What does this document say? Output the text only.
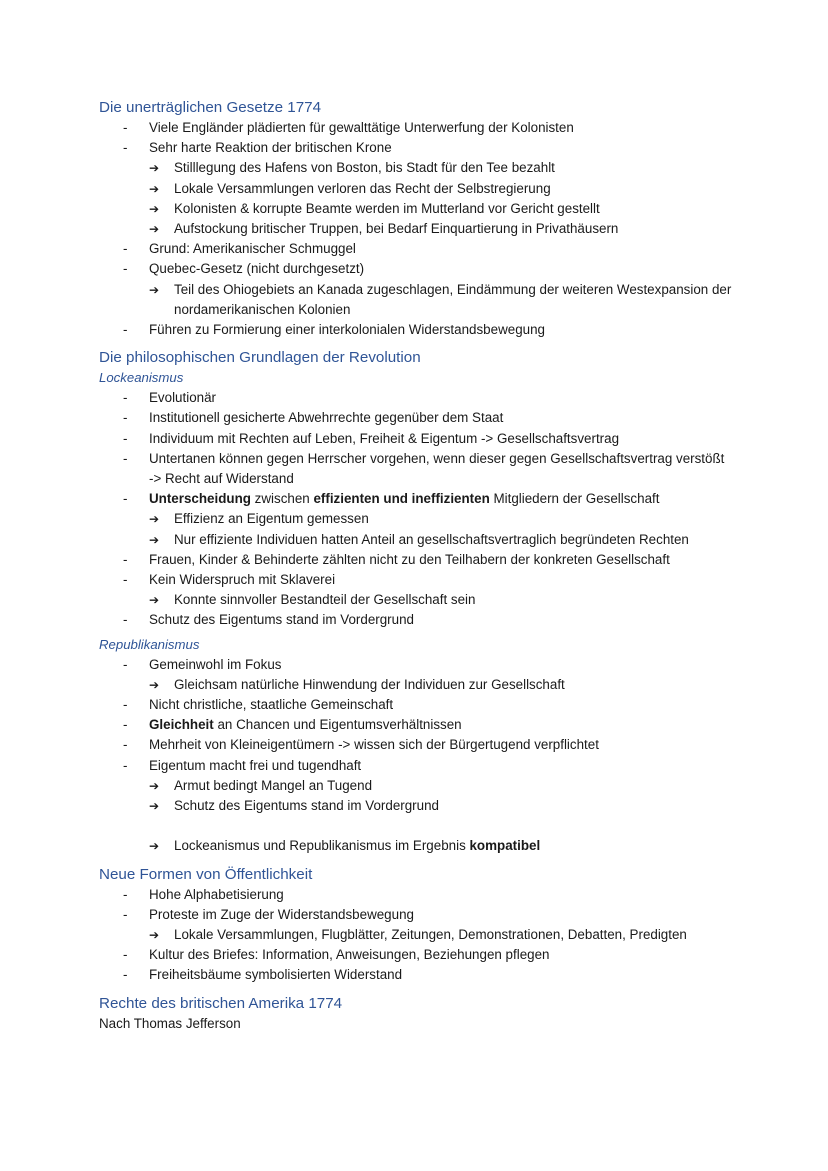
Die unerträglichen Gesetze 1774
- Viele Engländer plädierten für gewalttätige Unterwerfung der Kolonisten
- Sehr harte Reaktion der britischen Krone
➔ Stilllegung des Hafens von Boston, bis Stadt für den Tee bezahlt
➔ Lokale Versammlungen verloren das Recht der Selbstregierung
➔ Kolonisten & korrupte Beamte werden im Mutterland vor Gericht gestellt
➔ Aufstockung britischer Truppen, bei Bedarf Einquartierung in Privathäusern
- Grund: Amerikanischer Schmuggel
- Quebec-Gesetz (nicht durchgesetzt)
➔ Teil des Ohiogebiets an Kanada zugeschlagen, Eindämmung der weiteren Westexpansion der nordamerikanischen Kolonien
- Führen zu Formierung einer interkolonialen Widerstandsbewegung
Die philosophischen Grundlagen der Revolution
Lockeanismus
- Evolutionär
- Institutionell gesicherte Abwehrrechte gegenüber dem Staat
- Individuum mit Rechten auf Leben, Freiheit & Eigentum -> Gesellschaftsvertrag
- Untertanen können gegen Herrscher vorgehen, wenn dieser gegen Gesellschaftsvertrag verstößt -> Recht auf Widerstand
- Unterscheidung zwischen effizienten und ineffizienten Mitgliedern der Gesellschaft
➔ Effizienz an Eigentum gemessen
➔ Nur effiziente Individuen hatten Anteil an gesellschaftsvertraglich begründeten Rechten
- Frauen, Kinder & Behinderte zählten nicht zu den Teilhabern der konkreten Gesellschaft
- Kein Widerspruch mit Sklaverei
➔ Konnte sinnvoller Bestandteil der Gesellschaft sein
- Schutz des Eigentums stand im Vordergrund
Republikanismus
- Gemeinwohl im Fokus
➔ Gleichsam natürliche Hinwendung der Individuen zur Gesellschaft
- Nicht christliche, staatliche Gemeinschaft
- Gleichheit an Chancen und Eigentumsverhältnissen
- Mehrheit von Kleineigentümern -> wissen sich der Bürgertugend verpflichtet
- Eigentum macht frei und tugendhaft
➔ Armut bedingt Mangel an Tugend
➔ Schutz des Eigentums stand im Vordergrund
➔ Lockeanismus und Republikanismus im Ergebnis kompatibel
Neue Formen von Öffentlichkeit
- Hohe Alphabetisierung
- Proteste im Zuge der Widerstandsbewegung
➔ Lokale Versammlungen, Flugblätter, Zeitungen, Demonstrationen, Debatten, Predigten
- Kultur des Briefes: Information, Anweisungen, Beziehungen pflegen
- Freiheitsbäume symbolisierten Widerstand
Rechte des britischen Amerika 1774
Nach Thomas Jefferson
